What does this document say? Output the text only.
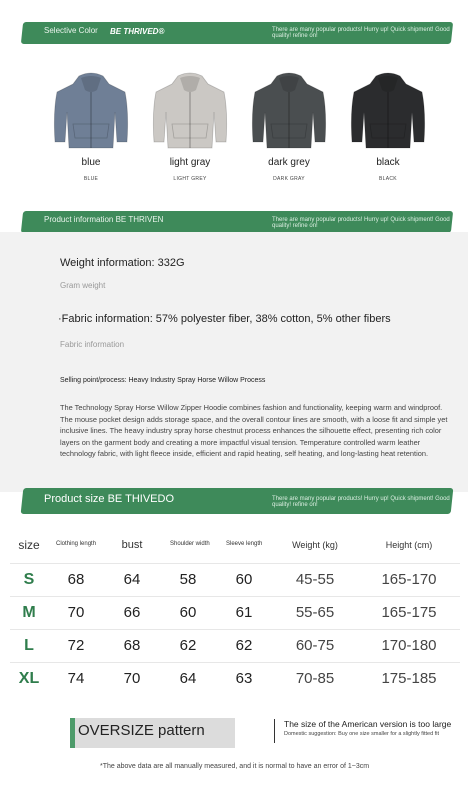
Selective Color BE THRIVED®	There are many popular products! Hurry up! Quick shipment! Good quality! refine on!
blue
BLUE
light gray
LIGHT GREY
dark grey
DARK GRAY
black
BLACK
Product information BE THRIVEN	There are many popular products! Hurry up! Quick shipment! Good quality! refine on!
Weight information: 332G
Gram weight
·Fabric information: 57% polyester fiber, 38% cotton, 5% other fibers
Fabric information
Selling point/process: Heavy Industry Spray Horse Willow Process
The Technology Spray Horse Willow Zipper Hoodie combines fashion and functionality, keeping warm and windproof. The mouse pocket design adds storage space, and the overall contour lines are smooth, with a loose fit and simple yet inclusive lines. The heavy industry spray horse chestnut process enhances the silhouette effect, presenting rich color layers on the garment body and creating a more impactful visual tension. Temperature controlled warm leather technology fabric, with light fleece inside, efficient and rapid heating, self heating, and long-lasting heat retention.
Product size BE THIVEDO	There are many popular products! Hurry up! Quick shipment! Good quality! refine on!
size	Clothing length	bust	Shoulder width	Sleeve length	Weight (kg)	Height (cm)
S	68	64	58	60	45-55	165-170
M	70	66	60	61	55-65	165-175
L	72	68	62	62	60-75	170-180
XL	74	70	64	63	70-85	175-185
OVERSIZE pattern	The size of the American version is too large
Domestic suggestion: Buy one size smaller for a slightly fitted fit
*The above data are all manually measured, and it is normal to have an error of 1~3cm
